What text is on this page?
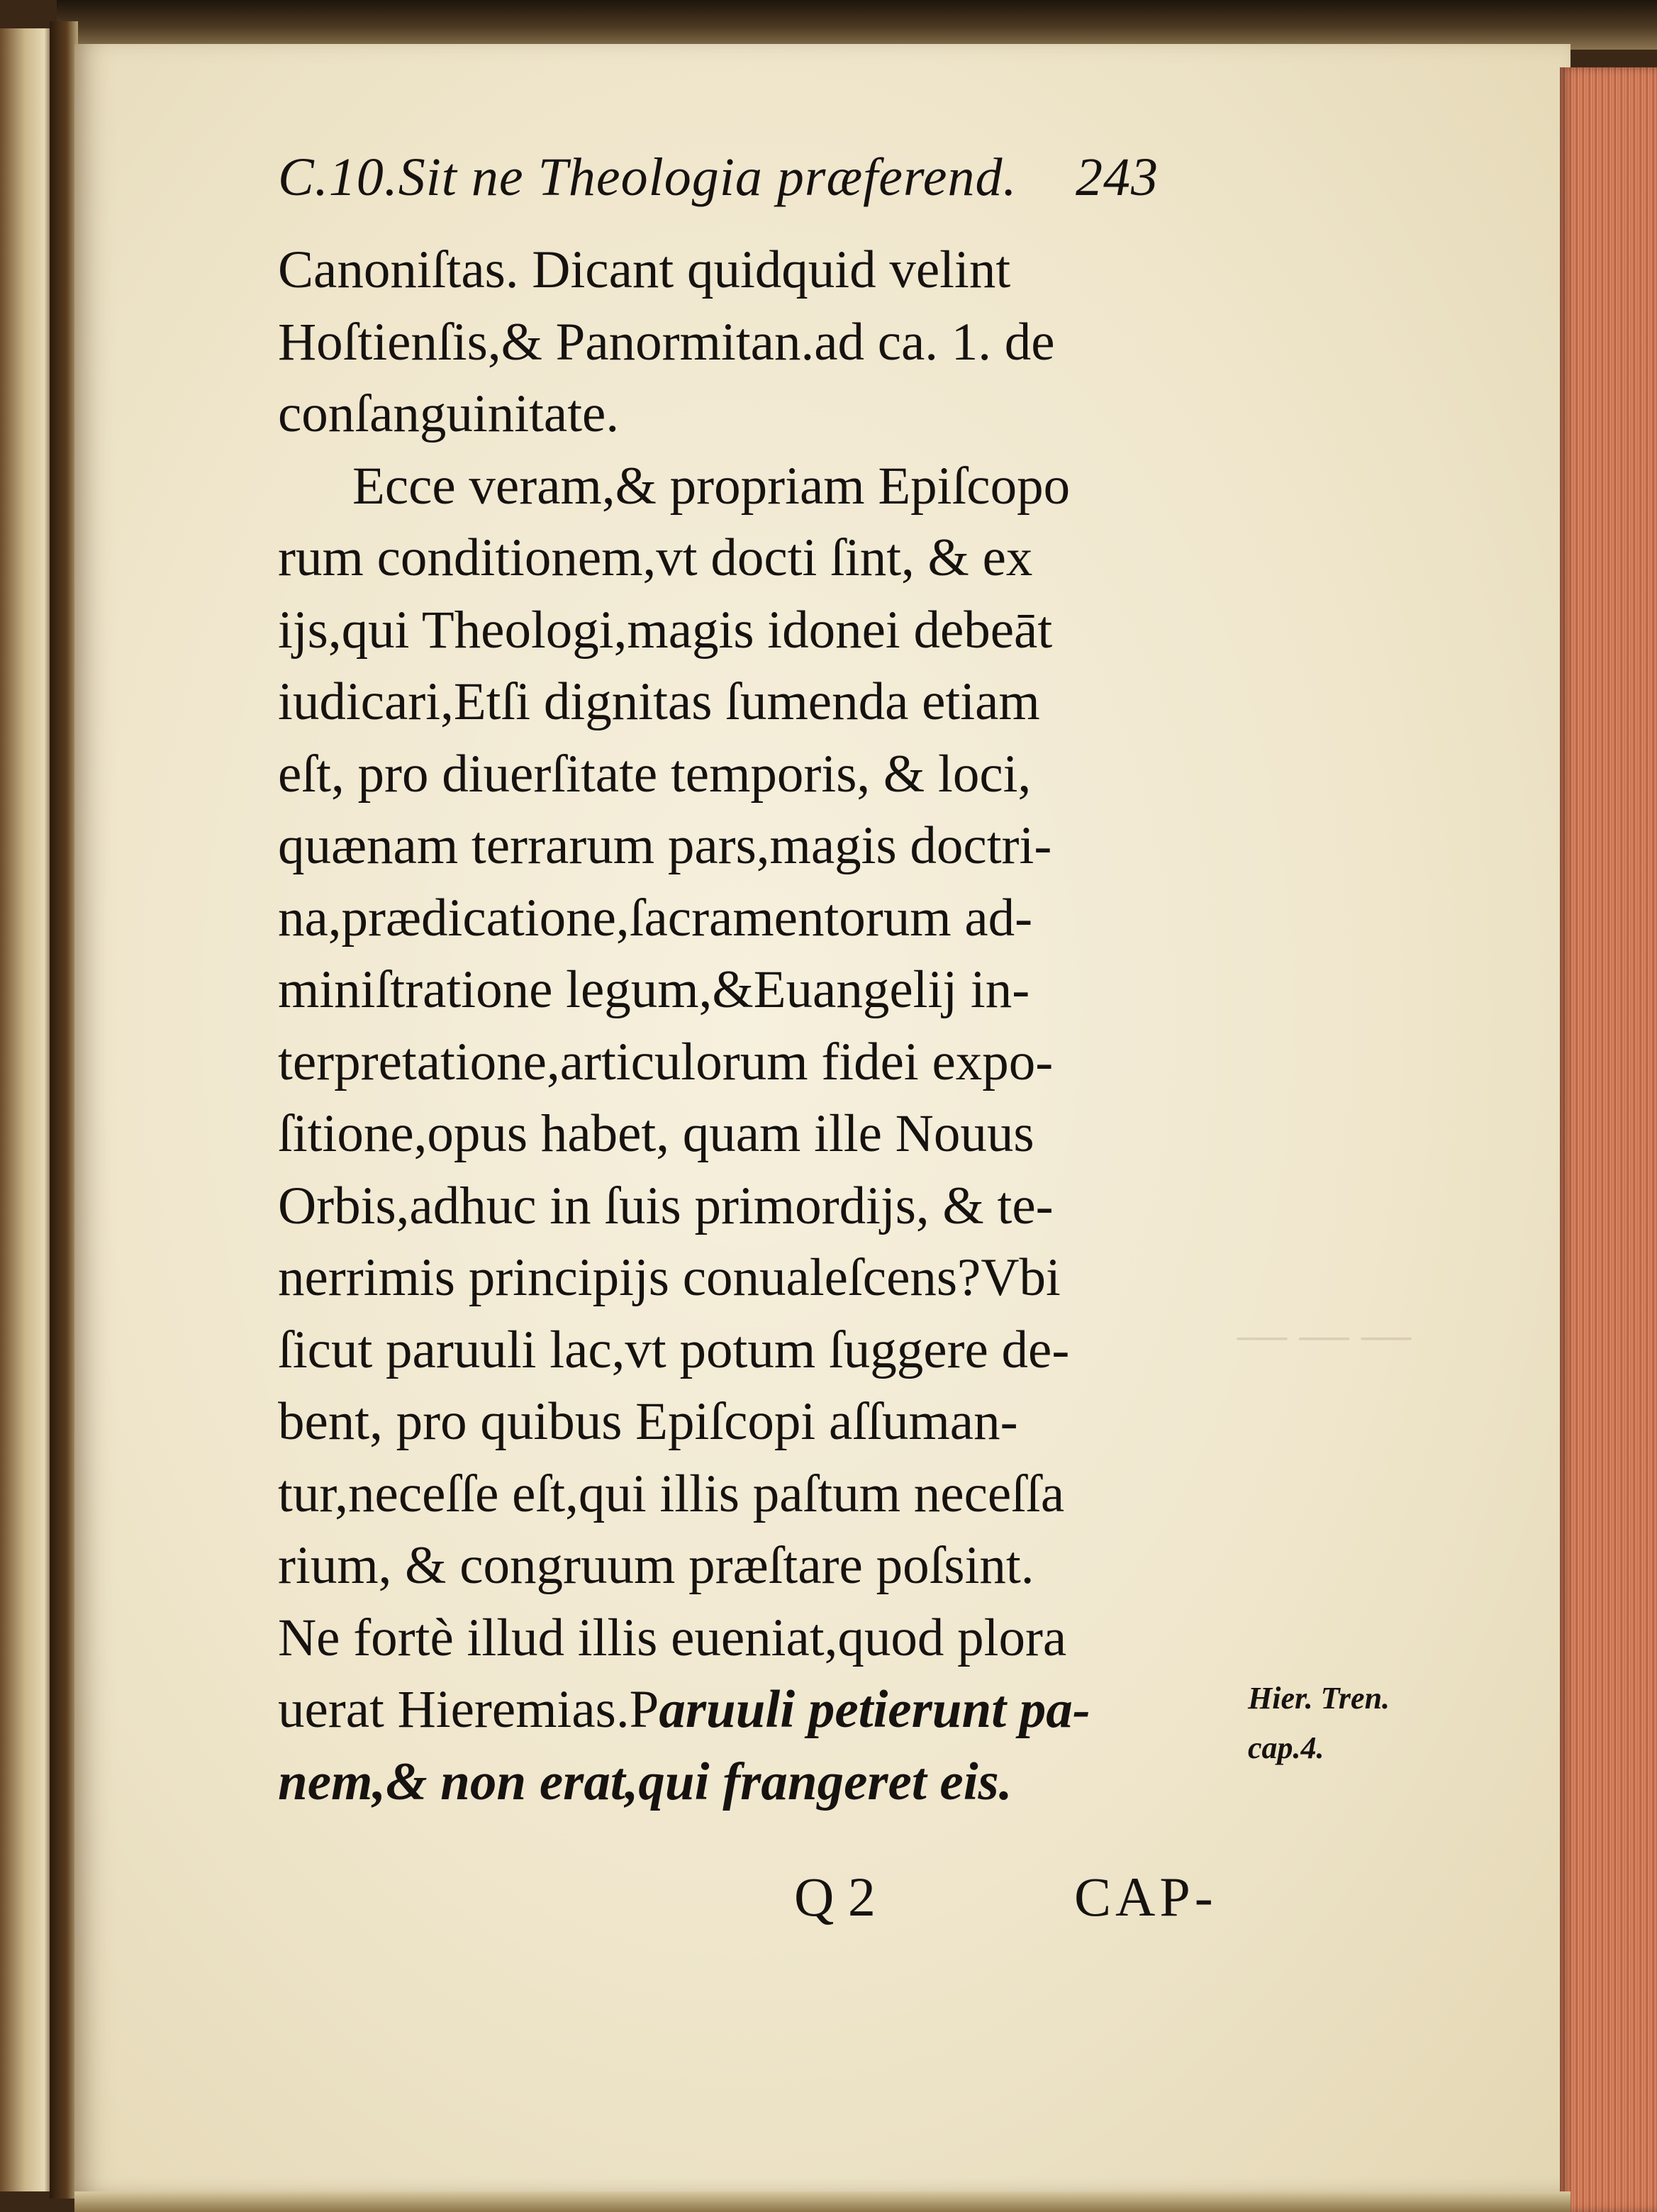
— — —
C.10.Sit ne Theologia præferend. 243
Canoniſtas. Dicant quidquid velint
Hoſtienſis,& Panormitan.ad ca. 1. de
conſanguinitate.
Ecce veram,& propriam Epiſcopo
rum conditionem,vt docti ſint, & ex
ijs,qui Theologi,magis idonei debeāt
iudicari,Etſi dignitas ſumenda etiam
eſt, pro diuerſitate temporis, & loci,
quænam terrarum pars,magis doctri-
na,prædicatione,ſacramentorum ad-
miniſtratione legum,&Euangelij in-
terpretatione,articulorum fidei expo-
ſitione,opus habet, quam ille Nouus
Orbis,adhuc in ſuis primordijs, & te-
nerrimis principijs conualeſcens?Vbi
ſicut paruuli lac,vt potum ſuggere de-
bent, pro quibus Epiſcopi aſſuman-
tur,neceſſe eſt,qui illis paſtum neceſſa
rium, & congruum præſtare poſsint.
Ne fortè illud illis eueniat,quod plora
uerat Hieremias.Paruuli petierunt pa-
nem,& non erat,qui frangeret eis.
Hier. Tren.
cap.4.
Q 2	CAP-
